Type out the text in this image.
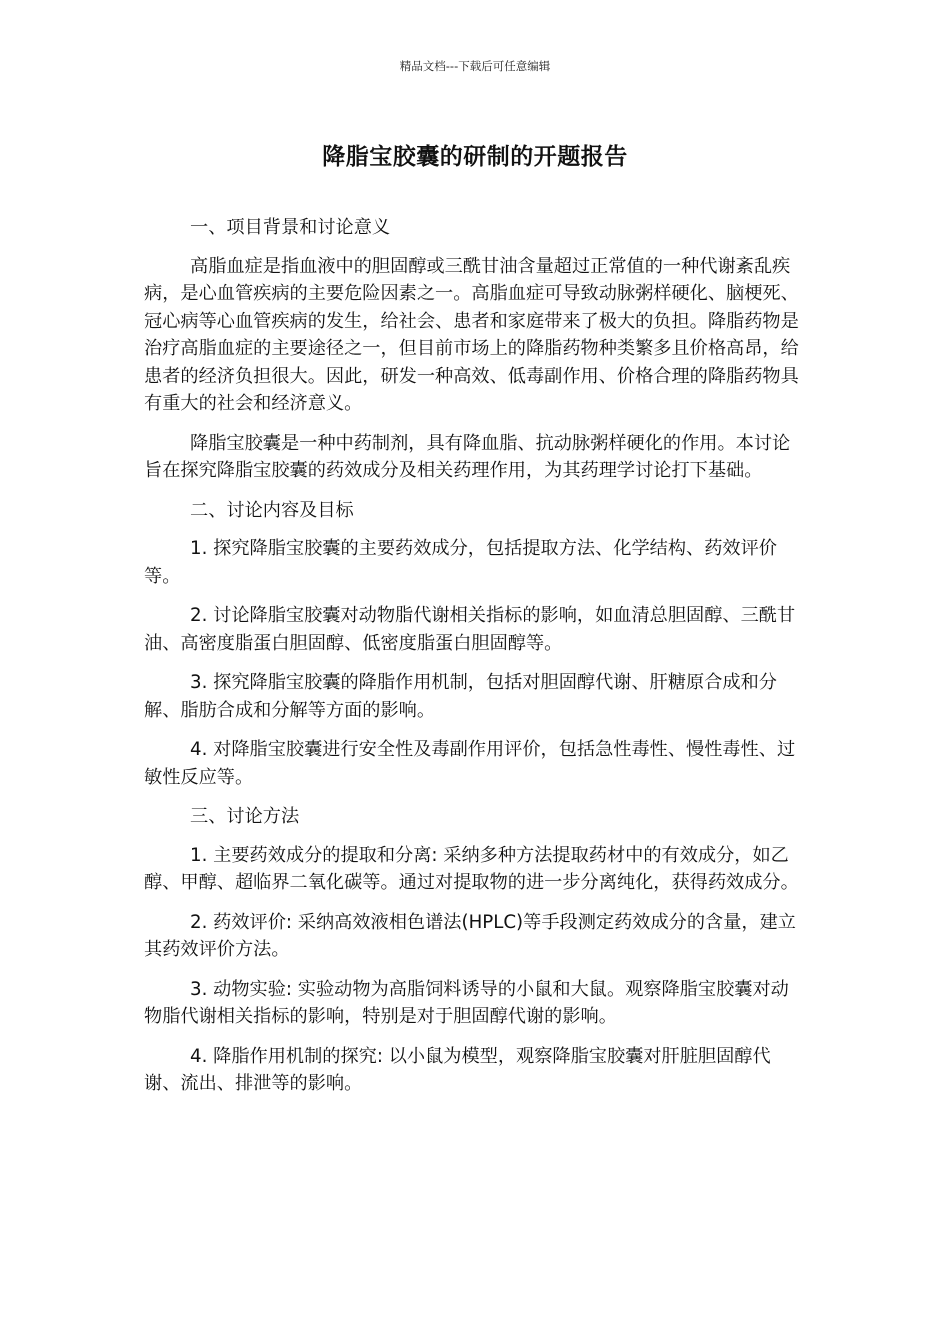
精品文档---下载后可任意编辑
降脂宝胶囊的研制的开题报告

一、项目背景和讨论意义

高脂血症是指血液中的胆固醇或三酰甘油含量超过正常值的一种代谢紊乱疾病，是心血管疾病的主要危险因素之一。高脂血症可导致动脉粥样硬化、脑梗死、冠心病等心血管疾病的发生，给社会、患者和家庭带来了极大的负担。降脂药物是治疗高脂血症的主要途径之一，但目前市场上的降脂药物种类繁多且价格高昂，给患者的经济负担很大。因此，研发一种高效、低毒副作用、价格合理的降脂药物具有重大的社会和经济意义。

降脂宝胶囊是一种中药制剂，具有降血脂、抗动脉粥样硬化的作用。本讨论旨在探究降脂宝胶囊的药效成分及相关药理作用，为其药理学讨论打下基础。

二、讨论内容及目标

1. 探究降脂宝胶囊的主要药效成分，包括提取方法、化学结构、药效评价等。

2. 讨论降脂宝胶囊对动物脂代谢相关指标的影响，如血清总胆固醇、三酰甘油、高密度脂蛋白胆固醇、低密度脂蛋白胆固醇等。

3. 探究降脂宝胶囊的降脂作用机制，包括对胆固醇代谢、肝糖原合成和分解、脂肪合成和分解等方面的影响。

4. 对降脂宝胶囊进行安全性及毒副作用评价，包括急性毒性、慢性毒性、过敏性反应等。

三、讨论方法

1. 主要药效成分的提取和分离: 采纳多种方法提取药材中的有效成分，如乙醇、甲醇、超临界二氧化碳等。通过对提取物的进一步分离纯化，获得药效成分。

2. 药效评价: 采纳高效液相色谱法(HPLC)等手段测定药效成分的含量，建立其药效评价方法。

3. 动物实验: 实验动物为高脂饲料诱导的小鼠和大鼠。观察降脂宝胶囊对动物脂代谢相关指标的影响，特别是对于胆固醇代谢的影响。

4. 降脂作用机制的探究: 以小鼠为模型，观察降脂宝胶囊对肝脏胆固醇代谢、流出、排泄等的影响。
